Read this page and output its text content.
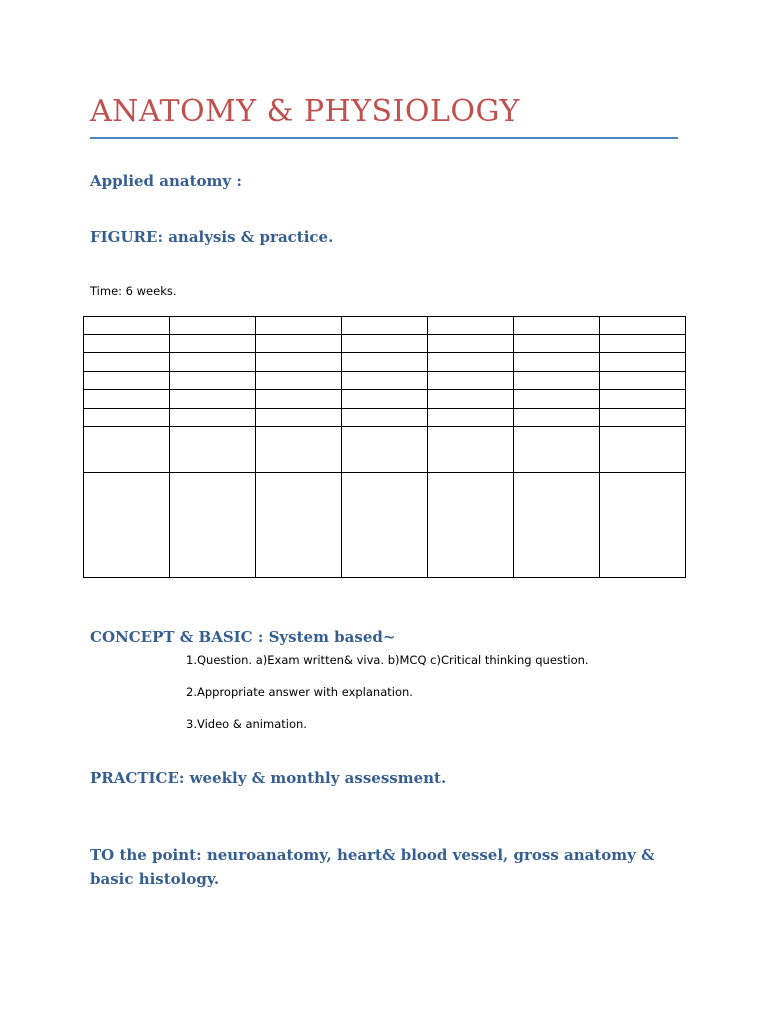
ANATOMY & PHYSIOLOGY
Applied anatomy :
FIGURE: analysis & practice.
Time: 6 weeks.

CONCEPT & BASIC : System based~
1.Question. a)Exam written& viva. b)MCQ c)Critical thinking question.
2.Appropriate answer with explanation.
3.Video & animation.
PRACTICE: weekly & monthly assessment.
TO the point: neuroanatomy, heart& blood vessel, gross anatomy & basic histology.
